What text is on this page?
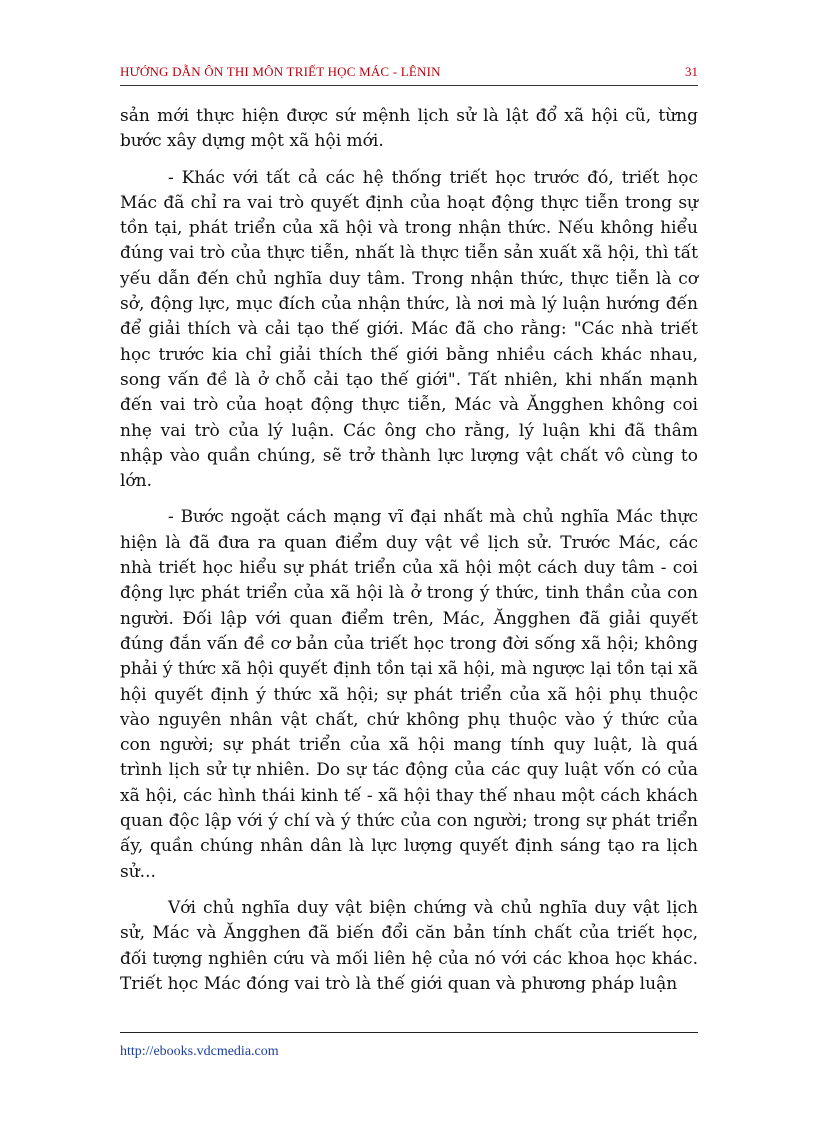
HƯỚNG DẪN ÔN THI MÔN TRIẾT HỌC MÁC - LÊNIN	31

sản mới thực hiện được sứ mệnh lịch sử là lật đổ xã hội cũ, từng bước xây dựng một xã hội mới.

- Khác với tất cả các hệ thống triết học trước đó, triết học Mác đã chỉ ra vai trò quyết định của hoạt động thực tiễn trong sự tồn tại, phát triển của xã hội và trong nhận thức. Nếu không hiểu đúng vai trò của thực tiễn, nhất là thực tiễn sản xuất xã hội, thì tất yếu dẫn đến chủ nghĩa duy tâm. Trong nhận thức, thực tiễn là cơ sở, động lực, mục đích của nhận thức, là nơi mà lý luận hướng đến để giải thích và cải tạo thế giới. Mác đã cho rằng: "Các nhà triết học trước kia chỉ giải thích thế giới bằng nhiều cách khác nhau, song vấn đề là ở chỗ cải tạo thế giới". Tất nhiên, khi nhấn mạnh đến vai trò của hoạt động thực tiễn, Mác và Ăngghen không coi nhẹ vai trò của lý luận. Các ông cho rằng, lý luận khi đã thâm nhập vào quần chúng, sẽ trở thành lực lượng vật chất vô cùng to lớn.

- Bước ngoặt cách mạng vĩ đại nhất mà chủ nghĩa Mác thực hiện là đã đưa ra quan điểm duy vật về lịch sử. Trước Mác, các nhà triết học hiểu sự phát triển của xã hội một cách duy tâm - coi động lực phát triển của xã hội là ở trong ý thức, tinh thần của con người. Đối lập với quan điểm trên, Mác, Ăngghen đã giải quyết đúng đắn vấn đề cơ bản của triết học trong đời sống xã hội; không phải ý thức xã hội quyết định tồn tại xã hội, mà ngược lại tồn tại xã hội quyết định ý thức xã hội; sự phát triển của xã hội phụ thuộc vào nguyên nhân vật chất, chứ không phụ thuộc vào ý thức của con người; sự phát triển của xã hội mang tính quy luật, là quá trình lịch sử tự nhiên. Do sự tác động của các quy luật vốn có của xã hội, các hình thái kinh tế - xã hội thay thế nhau một cách khách quan độc lập với ý chí và ý thức của con người; trong sự phát triển ấy, quần chúng nhân dân là lực lượng quyết định sáng tạo ra lịch sử...

Với chủ nghĩa duy vật biện chứng và chủ nghĩa duy vật lịch sử, Mác và Ăngghen đã biến đổi căn bản tính chất của triết học, đối tượng nghiên cứu và mối liên hệ của nó với các khoa học khác. Triết học Mác đóng vai trò là thế giới quan và phương pháp luận

http://ebooks.vdcmedia.com
